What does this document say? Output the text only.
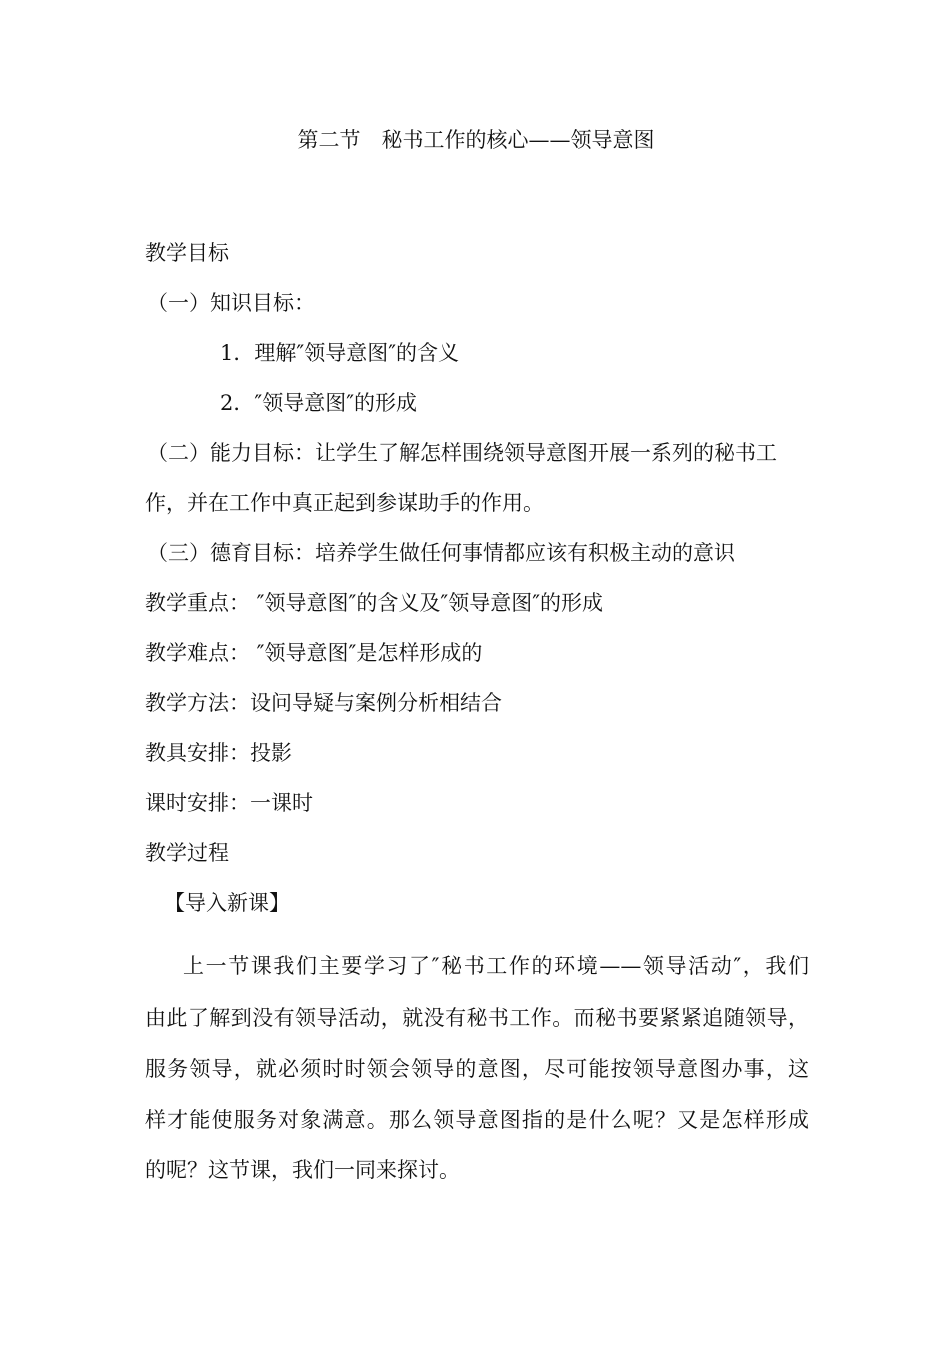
第二节　秘书工作的核心——领导意图

教学目标

（一）知识目标：

1．理解″领导意图″的含义

2．″领导意图″的形成

（二）能力目标：让学生了解怎样围绕领导意图开展一系列的秘书工

作，并在工作中真正起到参谋助手的作用。

（三）德育目标：培养学生做任何事情都应该有积极主动的意识

教学重点： ″领导意图″的含义及″领导意图″的形成

教学难点： ″领导意图″是怎样形成的

教学方法：设问导疑与案例分析相结合

教具安排：投影

课时安排：一课时

教学过程

【导入新课】

上一节课我们主要学习了″秘书工作的环境——领导活动″，我们

由此了解到没有领导活动，就没有秘书工作。而秘书要紧紧追随领导，

服务领导，就必须时时领会领导的意图，尽可能按领导意图办事，这

样才能使服务对象满意。那么领导意图指的是什么呢？又是怎样形成

的呢？这节课，我们一同来探讨。
